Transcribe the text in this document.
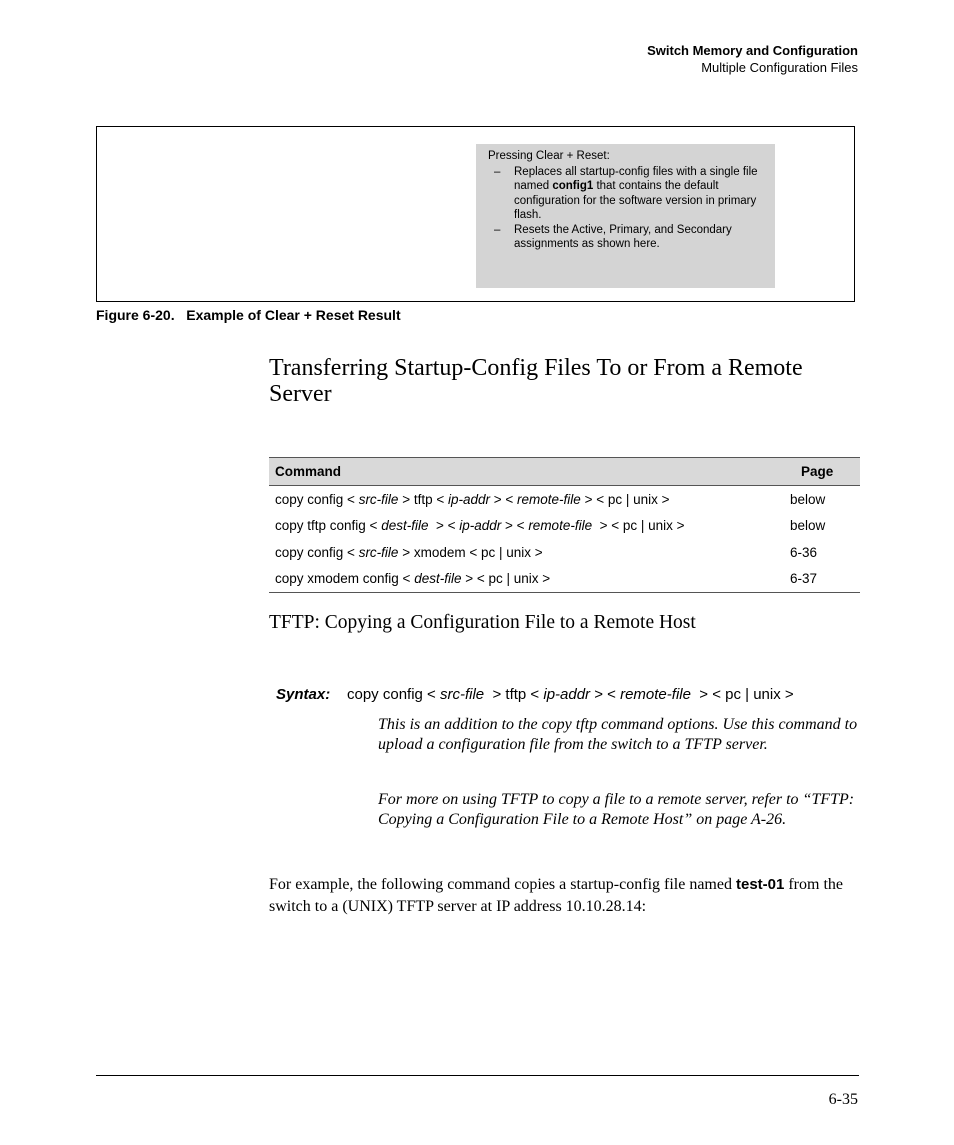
Switch Memory and Configuration
Multiple Configuration Files
Pressing Clear + Reset:
– Replaces all startup-config files with a single file named config1 that contains the default configuration for the software version in primary flash.
– Resets the Active, Primary, and Secondary assignments as shown here.
Figure 6-20.   Example of Clear + Reset Result
Transferring Startup-Config Files To or From a Remote Server
Command	Page
copy config < src-file > tftp < ip-addr > < remote-file > < pc | unix >	below
copy tftp config < dest-file  > < ip-addr > < remote-file  > < pc | unix >	below
copy config < src-file > xmodem < pc | unix >	6-36
copy xmodem config < dest-file > < pc | unix >	6-37
TFTP: Copying a Configuration File to a Remote Host
Syntax: copy config < src-file  > tftp < ip-addr > < remote-file  > < pc | unix >

This is an addition to the copy tftp command options. Use this command to upload a configuration file from the switch to a TFTP server.

For more on using TFTP to copy a file to a remote server, refer to “TFTP: Copying a Configuration File to a Remote Host” on page A-26.

For example, the following command copies a startup-config file named test-01 from the switch to a (UNIX) TFTP server at IP address 10.10.28.14:

6-35
